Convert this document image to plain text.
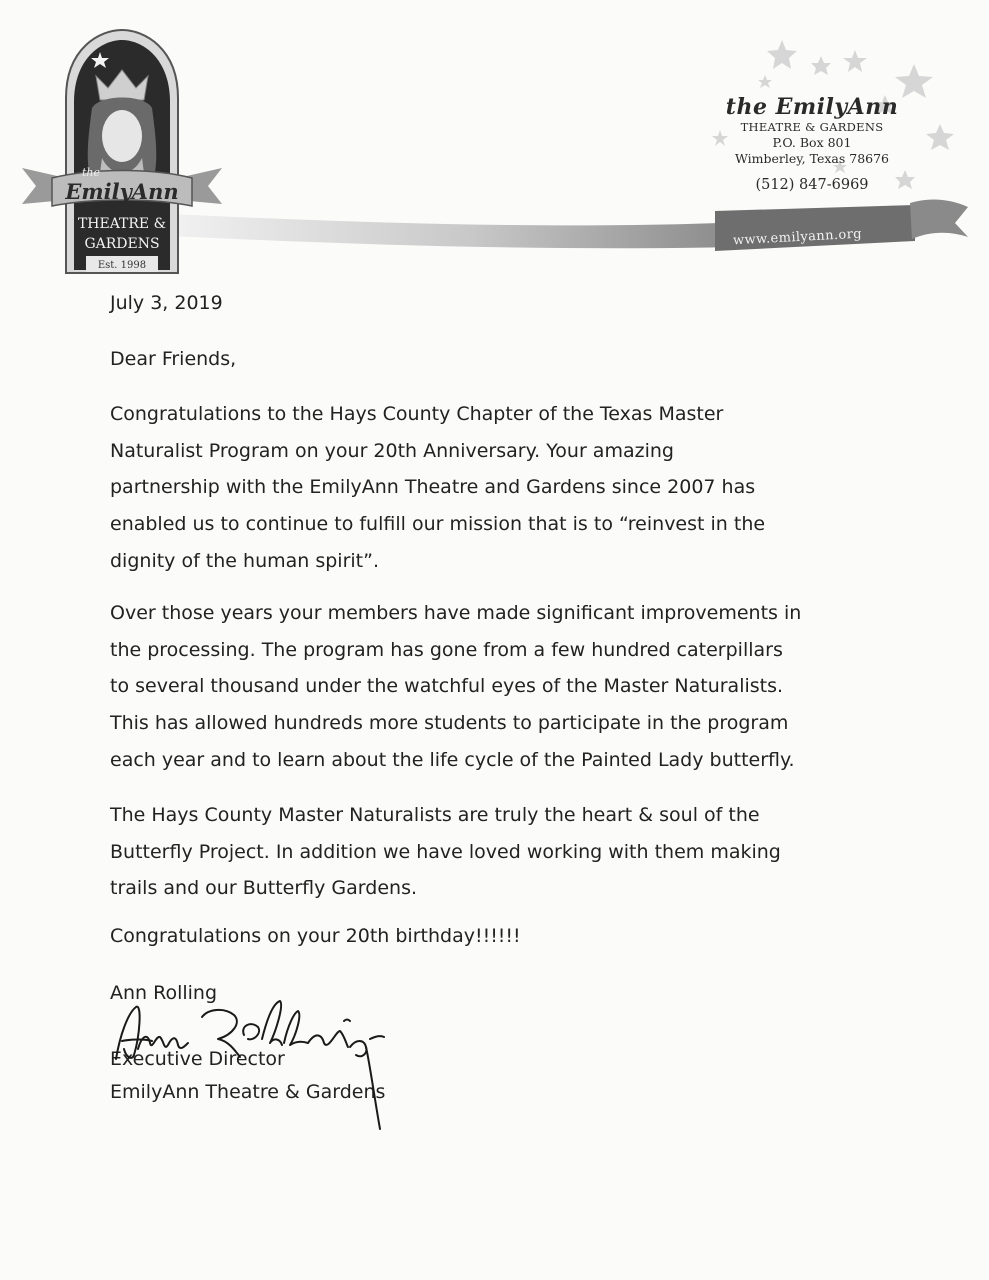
the
EmilyAnn
THEATRE &
GARDENS
Est. 1998
the EmilyAnn
THEATRE & GARDENS
P.O. Box 801
Wimberley, Texas 78676
(512) 847-6969
www.emilyann.org
July 3, 2019
Dear Friends,
Congratulations to the Hays County Chapter of the Texas Master
Naturalist Program on your 20th Anniversary. Your amazing
partnership with the EmilyAnn Theatre and Gardens since 2007 has
enabled us to continue to fulfill our mission that is to “reinvest in the
dignity of the human spirit”.
Over those years your members have made significant improvements in
the processing. The program has gone from a few hundred caterpillars
to several thousand under the watchful eyes of the Master Naturalists.
This has allowed hundreds more students to participate in the program
each year and to learn about the life cycle of the Painted Lady butterfly.
The Hays County Master Naturalists are truly the heart & soul of the
Butterfly Project. In addition we have loved working with them making
trails and our Butterfly Gardens.
Congratulations on your 20th birthday!!!!!!
Ann Rolling
Executive Director
EmilyAnn Theatre & Gardens
